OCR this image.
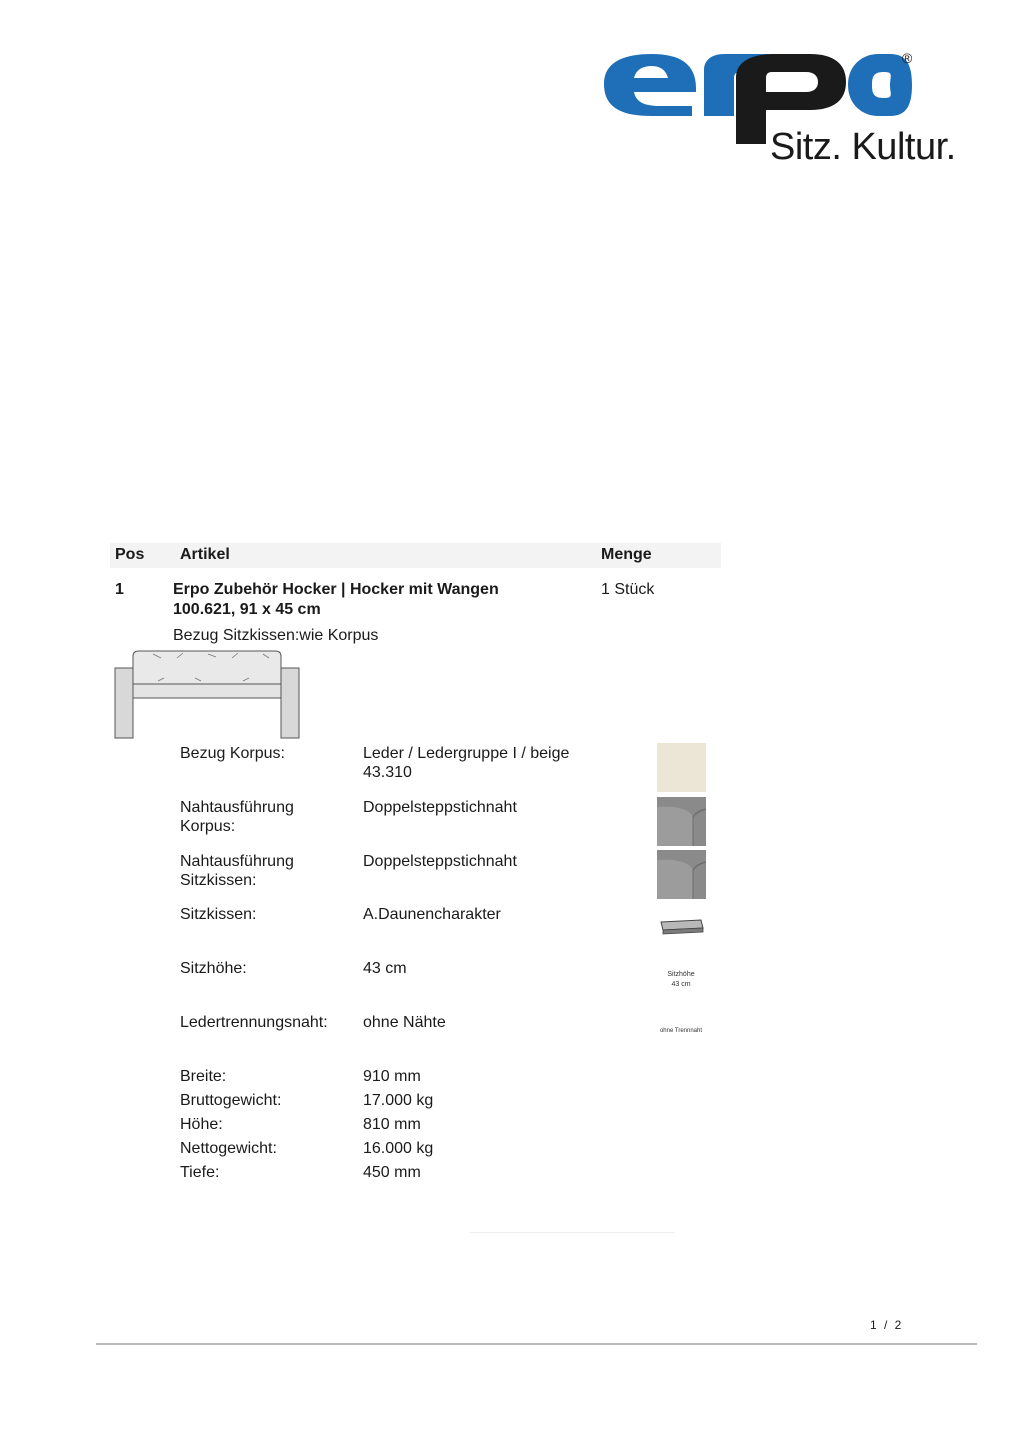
®
Sitz. Kultur.
Pos Artikel	Menge
1	Erpo Zubehör Hocker | Hocker mit Wangen
100.621, 91 x 45 cm
1 Stück
Bezug Sitzkissen:wie Korpus
Bezug Korpus:	Leder / Ledergruppe I / beige
43.310
Nahtausführung
Korpus:
Doppelsteppstichnaht
Nahtausführung
Sitzkissen:
Doppelsteppstichnaht
Sitzkissen:	A.Daunencharakter
Sitzhöhe:	43 cm	Sitzhöhe
43 cm
Ledertrennungsnaht:	ohne Nähte	ohne Trennnaht
Breite:	910 mm
Bruttogewicht:	17.000 kg
Höhe:	810 mm
Nettogewicht:	16.000 kg
Tiefe:	450 mm
1 / 2
